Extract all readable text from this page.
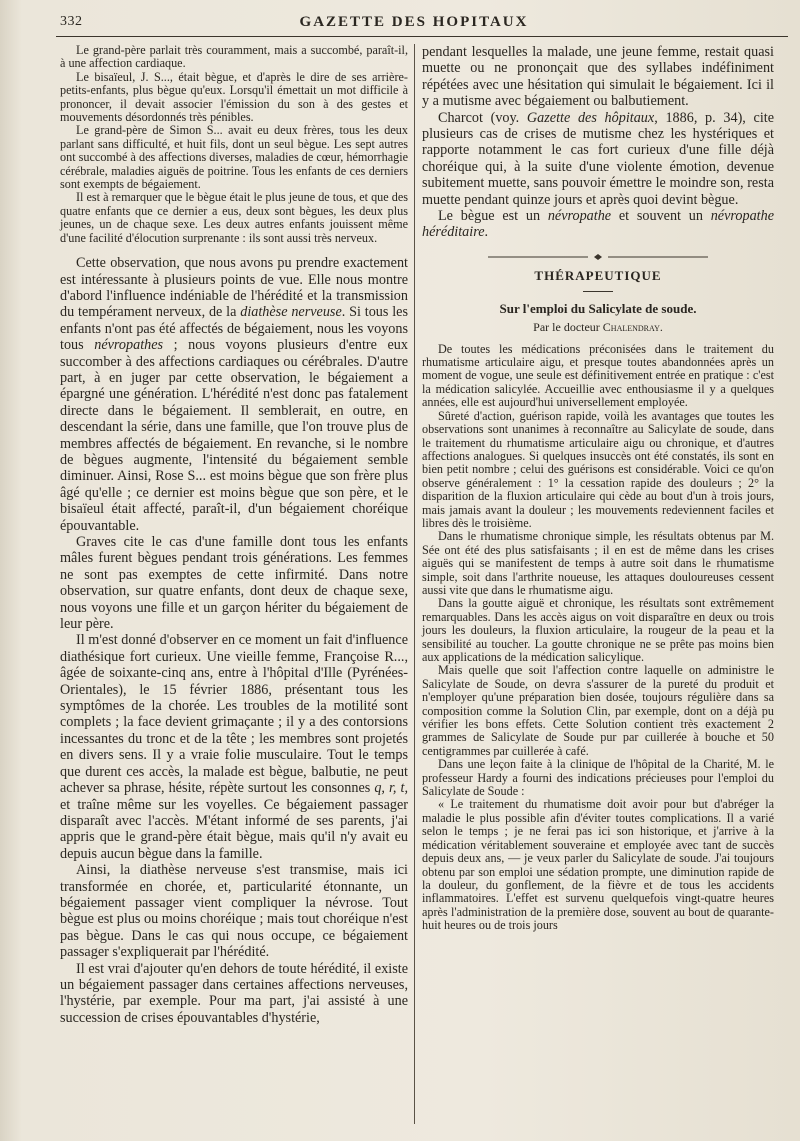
332	GAZETTE DES HOPITAUX

Le grand-père parlait très couramment, mais a succombé, paraît-il, à une affection cardiaque.

Le bisaïeul, J. S..., était bègue, et d'après le dire de ses arrière-petits-enfants, plus bègue qu'eux. Lorsqu'il émettait un mot difficile à prononcer, il devait associer l'émission du son à des gestes et mouvements désordonnés très pénibles.

Le grand-père de Simon S... avait eu deux frères, tous les deux parlant sans difficulté, et huit fils, dont un seul bègue. Les sept autres ont succombé à des affections diverses, maladies de cœur, hémorrhagie cérébrale, maladies aiguës de poitrine. Tous les enfants de ces derniers sont exempts de bégaiement.

Il est à remarquer que le bègue était le plus jeune de tous, et que des quatre enfants que ce dernier a eus, deux sont bègues, les deux plus jeunes, un de chaque sexe. Les deux autres enfants jouissent même d'une facilité d'élocution surprenante : ils sont aussi très nerveux.

Cette observation, que nous avons pu prendre exactement est intéressante à plusieurs points de vue. Elle nous montre d'abord l'influence indéniable de l'hérédité et la transmission du tempérament nerveux, de la diathèse nerveuse. Si tous les enfants n'ont pas été affectés de bégaiement, nous les voyons tous névropathes ; nous voyons plusieurs d'entre eux succomber à des affections cardiaques ou cérébrales. D'autre part, à en juger par cette observation, le bégaiement a épargné une génération. L'hérédité n'est donc pas fatalement directe dans le bégaiement. Il semblerait, en outre, en descendant la série, dans une famille, que l'on trouve plus de membres affectés de bégaiement. En revanche, si le nombre de bègues augmente, l'intensité du bégaiement semble diminuer. Ainsi, Rose S... est moins bègue que son frère plus âgé qu'elle ; ce dernier est moins bègue que son père, et le bisaïeul était affecté, paraît-il, d'un bégaiement choréique épouvantable.

Graves cite le cas d'une famille dont tous les enfants mâles furent bègues pendant trois générations. Les femmes ne sont pas exemptes de cette infirmité. Dans notre observation, sur quatre enfants, dont deux de chaque sexe, nous voyons une fille et un garçon hériter du bégaiement de leur père.

Il m'est donné d'observer en ce moment un fait d'influence diathésique fort curieux. Une vieille femme, Françoise R..., âgée de soixante-cinq ans, entre à l'hôpital d'Ille (Pyrénées-Orientales), le 15 février 1886, présentant tous les symptômes de la chorée. Les troubles de la motilité sont complets ; la face devient grimaçante ; il y a des contorsions incessantes du tronc et de la tête ; les membres sont projetés en divers sens. Il y a vraie folie musculaire. Tout le temps que durent ces accès, la malade est bègue, balbutie, ne peut achever sa phrase, hésite, répète surtout les consonnes q, r, t, et traîne même sur les voyelles. Ce bégaiement passager disparaît avec l'accès. M'étant informé de ses parents, j'ai appris que le grand-père était bègue, mais qu'il n'y avait eu depuis aucun bègue dans la famille.

Ainsi, la diathèse nerveuse s'est transmise, mais ici transformée en chorée, et, particularité étonnante, un bégaiement passager vient compliquer la névrose. Tout bègue est plus ou moins choréique ; mais tout choréique n'est pas bègue. Dans le cas qui nous occupe, ce bégaiement passager s'expliquerait par l'hérédité.

Il est vrai d'ajouter qu'en dehors de toute hérédité, il existe un bégaiement passager dans certaines affections nerveuses, l'hystérie, par exemple. Pour ma part, j'ai assisté à une succession de crises épouvantables d'hystérie,

pendant lesquelles la malade, une jeune femme, restait quasi muette ou ne prononçait que des syllabes indéfiniment répétées avec une hésitation qui simulait le bégaiement. Ici il y a mutisme avec bégaiement ou balbutiement.

Charcot (voy. Gazette des hôpitaux, 1886, p. 34), cite plusieurs cas de crises de mutisme chez les hystériques et rapporte notamment le cas fort curieux d'une fille déjà choréique qui, à la suite d'une violente émotion, devenue subitement muette, sans pouvoir émettre le moindre son, resta muette pendant quinze jours et après quoi devint bègue.

Le bègue est un névropathe et souvent un névropathe héréditaire.

THÉRAPEUTIQUE
Sur l'emploi du Salicylate de soude.
Par le docteur Chalendray.

De toutes les médications préconisées dans le traitement du rhumatisme articulaire aigu, et presque toutes abandonnées après un moment de vogue, une seule est définitivement entrée en pratique : c'est la médication salicylée. Accueillie avec enthousiasme il y a quelques années, elle est aujourd'hui universellement employée.

Sûreté d'action, guérison rapide, voilà les avantages que toutes les observations sont unanimes à reconnaître au Salicylate de soude, dans le traitement du rhumatisme articulaire aigu ou chronique, et d'autres affections analogues. Si quelques insuccès ont été constatés, ils sont en bien petit nombre ; celui des guérisons est considérable. Voici ce qu'on observe généralement : 1° la cessation rapide des douleurs ; 2° la disparition de la fluxion articulaire qui cède au bout d'un à trois jours, mais jamais avant la douleur ; les mouvements redeviennent faciles et libres dès le troisième.

Dans le rhumatisme chronique simple, les résultats obtenus par M. Sée ont été des plus satisfaisants ; il en est de même dans les crises aiguës qui se manifestent de temps à autre soit dans le rhumatisme simple, soit dans l'arthrite noueuse, les attaques douloureuses cessent aussi vite que dans le rhumatisme aigu.

Dans la goutte aiguë et chronique, les résultats sont extrêmement remarquables. Dans les accès aigus on voit disparaître en deux ou trois jours les douleurs, la fluxion articulaire, la rougeur de la peau et la sensibilité au toucher. La goutte chronique ne se prête pas moins bien aux applications de la médication salicylique.

Mais quelle que soit l'affection contre laquelle on administre le Salicylate de Soude, on devra s'assurer de la pureté du produit et n'employer qu'une préparation bien dosée, toujours régulière dans sa composition comme la Solution Clin, par exemple, dont on a déjà pu vérifier les bons effets. Cette Solution contient très exactement 2 grammes de Salicylate de Soude pur par cuillerée à bouche et 50 centigrammes par cuillerée à café.

Dans une leçon faite à la clinique de l'hôpital de la Charité, M. le professeur Hardy a fourni des indications précieuses pour l'emploi du Salicylate de Soude :

« Le traitement du rhumatisme doit avoir pour but d'abréger la maladie le plus possible afin d'éviter toutes complications. Il a varié selon le temps ; je ne ferai pas ici son historique, et j'arrive à la médication véritablement souveraine et employée avec tant de succès depuis deux ans, — je veux parler du Salicylate de soude. J'ai toujours obtenu par son emploi une sédation prompte, une diminution rapide de la douleur, du gonflement, de la fièvre et de tous les accidents inflammatoires. L'effet est survenu quelquefois vingt-quatre heures après l'administration de la première dose, souvent au bout de quarante-huit heures ou de trois jours
